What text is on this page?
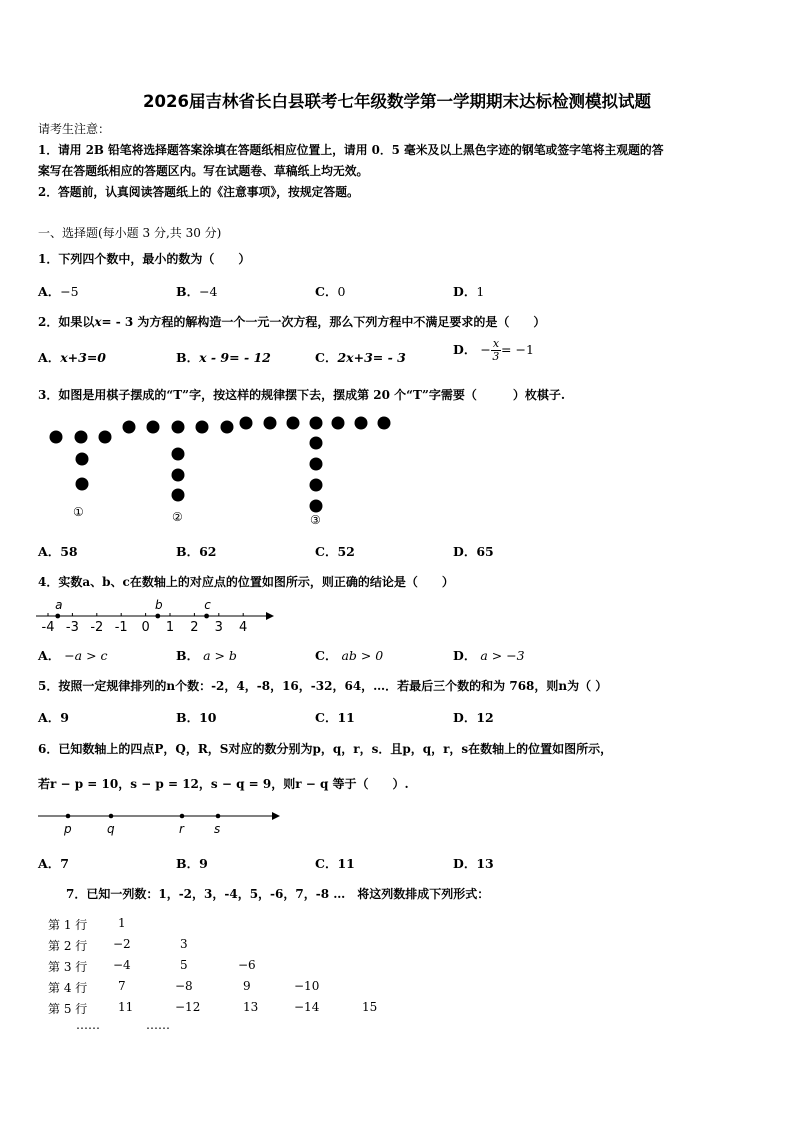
2026届吉林省长白县联考七年级数学第一学期期末达标检测模拟试题
请考生注意：
1．请用 2B 铅笔将选择题答案涂填在答题纸相应位置上，请用 0．5 毫米及以上黑色字迹的钢笔或签字笔将主观题的答
案写在答题纸相应的答题区内。写在试题卷、草稿纸上均无效。
2．答题前，认真阅读答题纸上的《注意事项》，按规定答题。
一、选择题(每小题 3 分,共 30 分)
1．下列四个数中，最小的数为（　　）
A．−5	B．−4	C．0	D．1
2．如果以x= - 3 为方程的解构造一个一元一次方程，那么下列方程中不满足要求的是（　　）
A．x+3=0	B．x - 9= - 12	C．2x+3= - 3
D． − $\frac{x}{3} = -1$
3．如图是用棋子摆成的“T”字，按这样的规律摆下去，摆成第 20 个“T”字需要（　　　）枚棋子.
①	②	③
A．58	B．62	C．52	D．65
4．实数a、b、c在数轴上的对应点的位置如图所示，则正确的结论是（　　）
-4 -3 -2 -1 0 1 2 3 4
a	b	c
A． −a > c	B． a > b	C． ab > 0	D． a > −3
5．按照一定规律排列的n个数：-2，4，-8，16，-32，64，…．若最后三个数的和为 768，则n为（ ）
A．9	B．10	C．11	D．12
6．已知数轴上的四点P，Q，R，S对应的数分别为p，q，r，s．且p，q，r，s在数轴上的位置如图所示，
若r − p = 10，s − p = 12，s − q = 9，则r − q 等于（　　）.
p	q	r	s
A．7	B．9	C．11	D．13
7．已知一列数：1，-2，3，-4，5，-6，7，-8 …　将这列数排成下列形式：
第 1 行	1
第 2 行 −2	3
第 3 行 −4	5	−6
第 4 行	7	−8	9	−10
第 5 行	11	−12	13	−14	15
……	……
